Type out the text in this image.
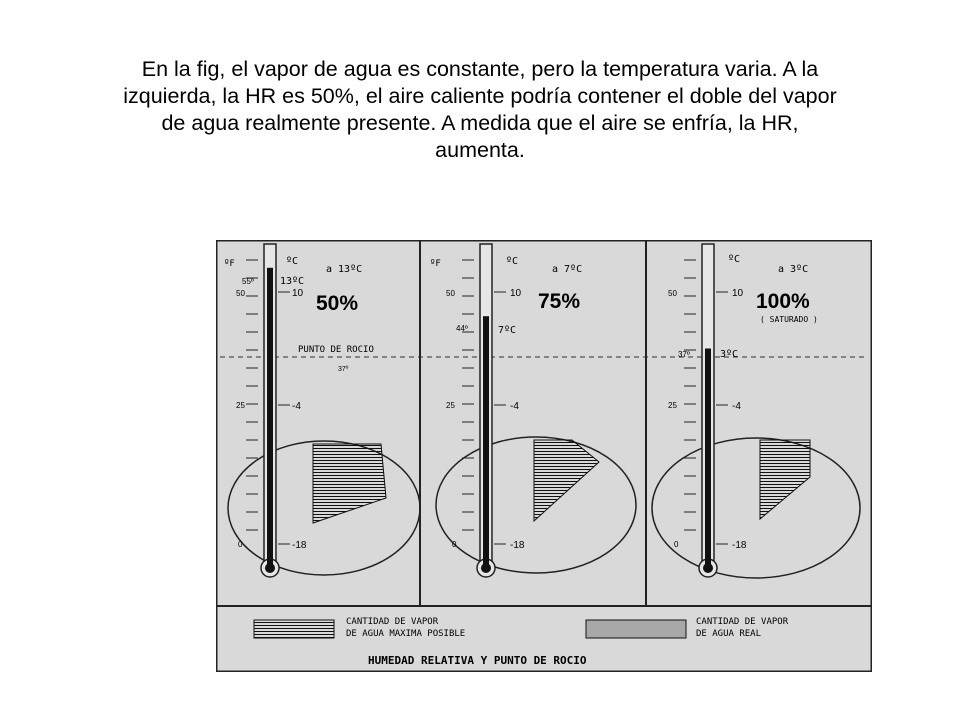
En la fig, el vapor de agua es constante, pero la temperatura varia. A la
izquierda, la HR es 50%, el aire caliente podría contener el doble del vapor
de agua realmente presente. A medida que el aire se enfría, la HR,
aumenta.
ºF	ºC
a 13ºC
50%
55º	13ºC
50
25
0
10
-4
-18
PUNTO DE ROCIO
37º
ºF	ºC
a 7ºC
75%
44º	7ºC
50
25
0
10
-4
-18
ºC
a 3ºC
100%
( SATURADO )
37º	3ºC
50
25
0
10
-4
-18
CANTIDAD DE VAPOR
DE AGUA MAXIMA POSIBLE
CANTIDAD DE VAPOR
DE AGUA REAL
HUMEDAD RELATIVA Y PUNTO DE ROCIO
